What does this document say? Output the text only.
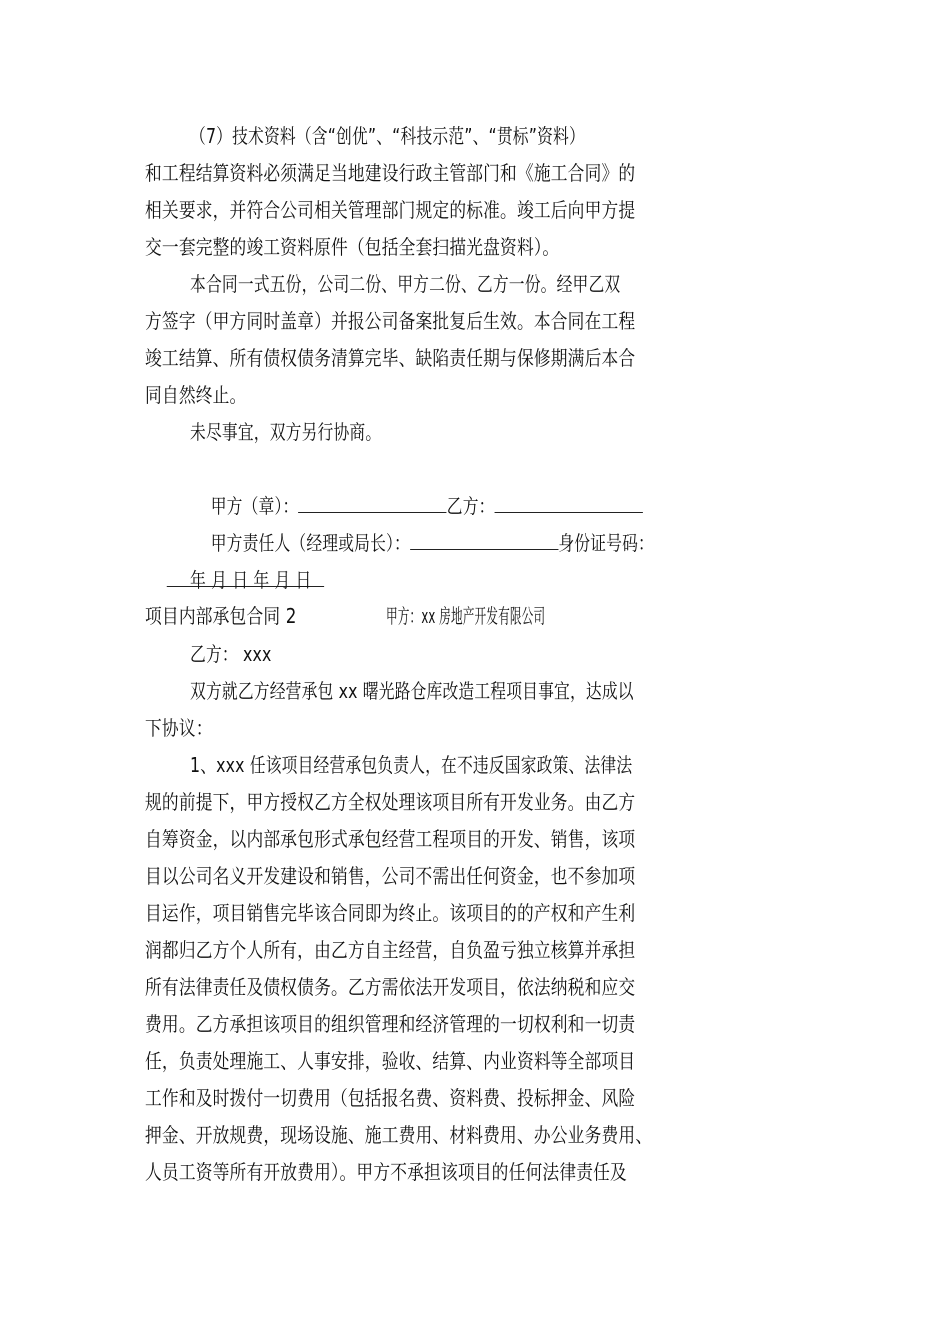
（7）技术资料（含“创优”、“科技示范”、“贯标”资料）
和工程结算资料必须满足当地建设行政主管部门和《施工合同》的
相关要求，并符合公司相关管理部门规定的标准。竣工后向甲方提
交一套完整的竣工资料原件（包括全套扫描光盘资料）。
本合同一式五份，公司二份、甲方二份、乙方一份。经甲乙双
方签字（甲方同时盖章）并报公司备案批复后生效。本合同在工程
竣工结算、所有债权债务清算完毕、缺陷责任期与保修期满后本合
同自然终止。
未尽事宜，双方另行协商。

甲方（章）：	乙方：

甲方责任人（经理或局长）：	身份证号码：

年 月 日 年 月 日
项目内部承包合同 2	甲方：xx 房地产开发有限公司
乙方： xxx
双方就乙方经营承包 xx 曙光路仓库改造工程项目事宜，达成以
下协议：
1、xxx 任该项目经营承包负责人，在不违反国家政策、法律法
规的前提下，甲方授权乙方全权处理该项目所有开发业务。由乙方
自筹资金，以内部承包形式承包经营工程项目的开发、销售，该项
目以公司名义开发建设和销售，公司不需出任何资金，也不参加项
目运作，项目销售完毕该合同即为终止。该项目的的产权和产生利
润都归乙方个人所有，由乙方自主经营，自负盈亏独立核算并承担
所有法律责任及债权债务。乙方需依法开发项目，依法纳税和应交
费用。乙方承担该项目的组织管理和经济管理的一切权利和一切责
任，负责处理施工、人事安排，验收、结算、内业资料等全部项目
工作和及时拨付一切费用（包括报名费、资料费、投标押金、风险
押金、开放规费，现场设施、施工费用、材料费用、办公业务费用、
人员工资等所有开放费用）。甲方不承担该项目的任何法律责任及
